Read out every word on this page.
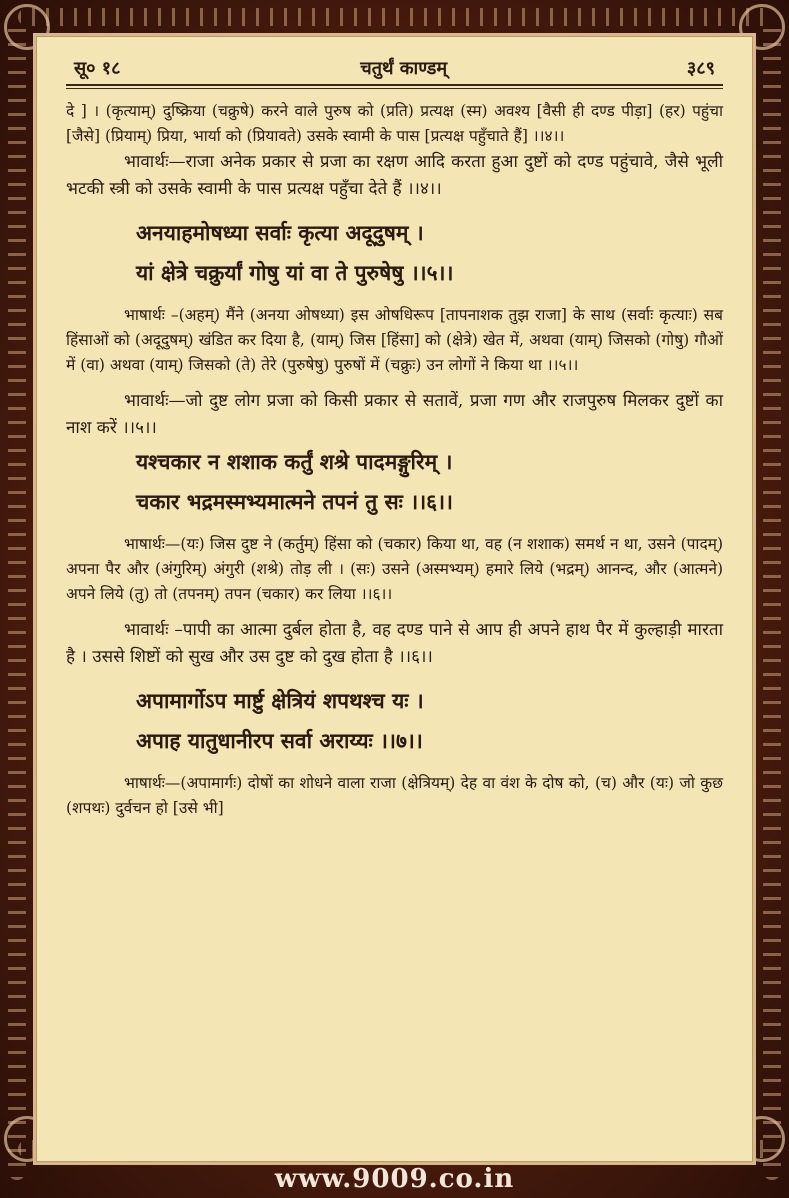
सू० १८	चतुर्थं काण्डम्	३८९

दे ] । (कृत्याम्) दुष्क्रिया (चक्रुषे) करने वाले पुरुष को (प्रति) प्रत्यक्ष (स्म) अवश्य [वैसी ही दण्ड पीड़ा] (हर) पहुंचा [जैसे] (प्रियाम्) प्रिया, भार्या को (प्रियावते) उसके स्वामी के पास [प्रत्यक्ष पहुँचाते हैं] ।।४।।

भावार्थः—राजा अनेक प्रकार से प्रजा का रक्षण आदि करता हुआ दुष्टों को दण्ड पहुंचावे, जैसे भूली भटकी स्त्री को उसके स्वामी के पास प्रत्यक्ष पहुँचा देते हैं ।।४।।

अनयाहमोषध्या सर्वाः कृत्या अदूदुषम् ।

यां क्षेत्रे चक्रुर्यां गोषु यां वा ते पुरुषेषु ।।५।।

भाषार्थः –(अहम्) मैंने (अनया ओषध्या) इस ओषधिरूप [तापनाशक तुझ राजा] के साथ (सर्वाः कृत्याः) सब हिंसाओं को (अदूदुषम्) खंडित कर दिया है, (याम्) जिस [हिंसा] को (क्षेत्रे) खेत में, अथवा (याम्) जिसको (गोषु) गौओं में (वा) अथवा (याम्) जिसको (ते) तेरे (पुरुषेषु) पुरुषों में (चक्रुः) उन लोगों ने किया था ।।५।।

भावार्थः—जो दुष्ट लोग प्रजा को किसी प्रकार से सतावें, प्रजा गण और राजपुरुष मिलकर दुष्टों का नाश करें ।।५।।

यश्चकार न शशाक कर्तुं शश्रे पादमङ्गुरिम् ।

चकार भद्रमस्मभ्यमात्मने तपनं तु सः ।।६।।

भाषार्थः—(यः) जिस दुष्ट ने (कर्तुम्) हिंसा को (चकार) किया था, वह (न शशाक) समर्थ न था, उसने (पादम्) अपना पैर और (अंगुरिम्) अंगुरी (शश्रे) तोड़ ली । (सः) उसने (अस्मभ्यम्) हमारे लिये (भद्रम्) आनन्द, और (आत्मने) अपने लिये (तु) तो (तपनम्) तपन (चकार) कर लिया ।।६।।

भावार्थः –पापी का आत्मा दुर्बल होता है, वह दण्ड पाने से आप ही अपने हाथ पैर में कुल्हाड़ी मारता है । उससे शिष्टों को सुख और उस दुष्ट को दुख होता है ।।६।।

अपामार्गोऽप मार्ष्टु क्षेत्रियं शपथश्च यः ।

अपाह यातुधानीरप सर्वा अराय्यः ।।७।।

भाषार्थः—(अपामार्गः) दोषों का शोधने वाला राजा (क्षेत्रियम्) देह वा वंश के दोष को, (च) और (यः) जो कुछ (शपथः) दुर्वचन हो [उसे भी]

www.9009.co.in
